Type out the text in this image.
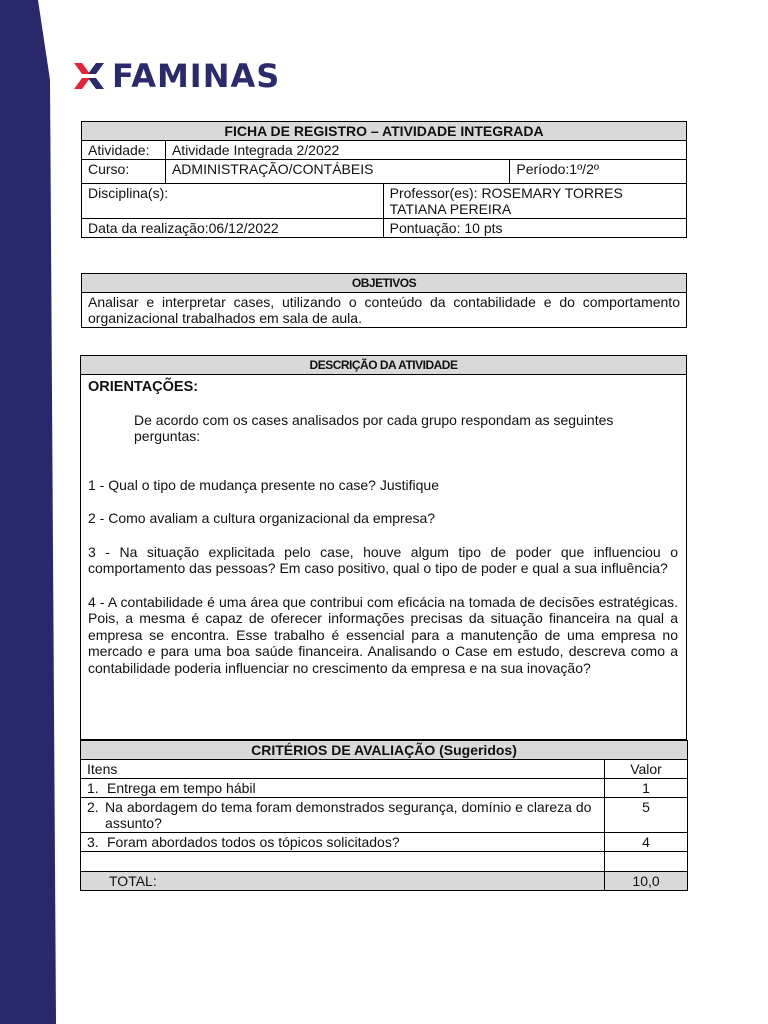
FAMINAS
FICHA DE REGISTRO – ATIVIDADE INTEGRADA			
Atividade:	Atividade Integrada 2/2022		
Curso:	ADMINISTRAÇÃO/CONTÁBEIS		Período:1º/2º
Disciplina(s):		Professor(es): ROSEMARY TORRES
TATIANA PEREIRA	

Data da realização:06/12/2022		Pontuação: 10 pts	
OBJETIVOS
Analisar e interpretar cases, utilizando o conteúdo da contabilidade e do comportamento organizacional trabalhados em sala de aula.
DESCRIÇÃO DA ATIVIDADE

ORIENTAÇÕES:

De acordo com os cases analisados por cada grupo respondam as seguintes perguntas:

1 - Qual o tipo de mudança presente no case? Justifique

2 - Como avaliam a cultura organizacional da empresa?

3 - Na situação explicitada pelo case, houve algum tipo de poder que influenciou o comportamento das pessoas? Em caso positivo, qual o tipo de poder e qual a sua influência?

4 - A contabilidade é uma área que contribui com eficácia na tomada de decisões estratégicas. Pois, a mesma é capaz de oferecer informações precisas da situação financeira na qual a empresa se encontra. Esse trabalho é essencial para a manutenção de uma empresa no mercado e para uma boa saúde financeira. Analisando o Case em estudo, descreva como a contabilidade poderia influenciar no crescimento da empresa e na sua inovação?

CRITÉRIOS DE AVALIAÇÃO (Sugeridos)	
Itens	Valor

1. Entrega em tempo hábil	1

2. Na abordagem do tema foram demonstrados segurança, domínio e clareza do assunto?	5

3. Foram abordados todos os tópicos solicitados?	4

TOTAL:	10,0
